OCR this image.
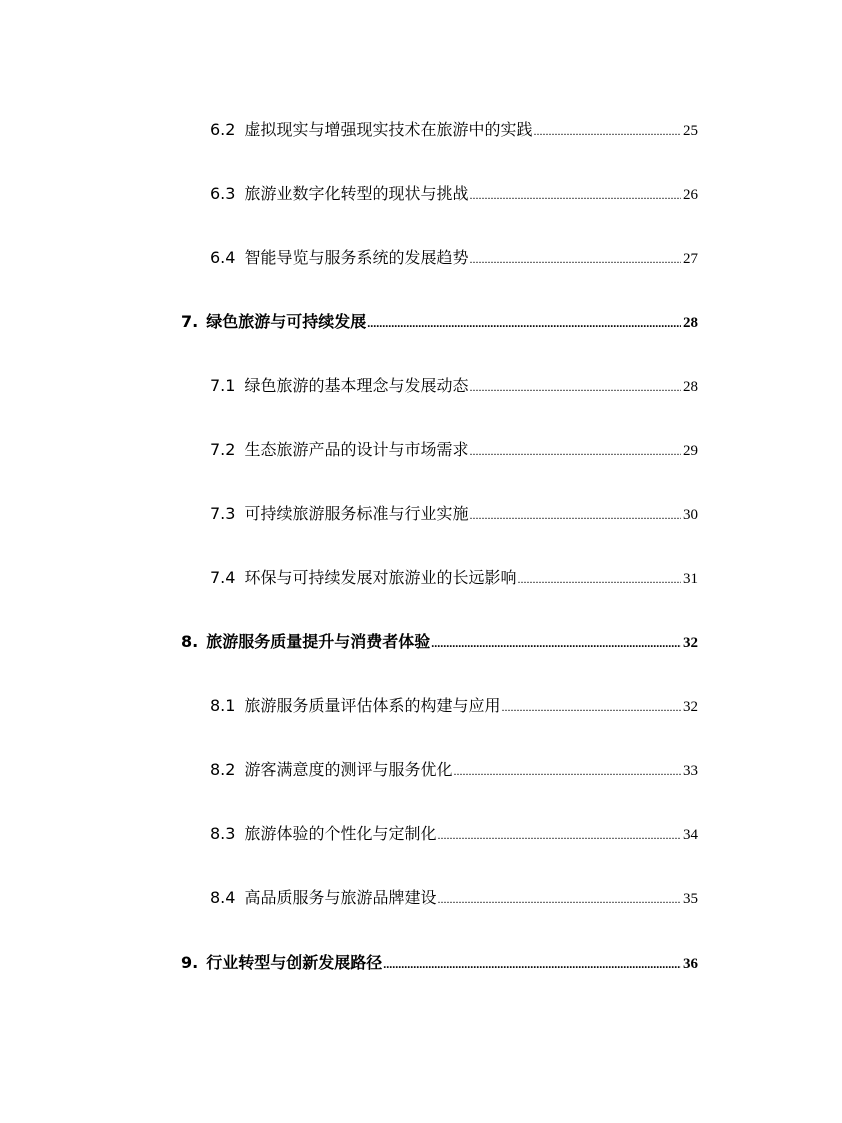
6.2 虚拟现实与增强现实技术在旅游中的实践 .....	25
6.3 旅游业数字化转型的现状与挑战 .....	26
6.4 智能导览与服务系统的发展趋势 .....	27
7. 绿色旅游与可持续发展 .....	28
7.1 绿色旅游的基本理念与发展动态 .....	28
7.2 生态旅游产品的设计与市场需求 .....	29
7.3 可持续旅游服务标准与行业实施 .....	30
7.4 环保与可持续发展对旅游业的长远影响 .....	31
8. 旅游服务质量提升与消费者体验 .....	32
8.1 旅游服务质量评估体系的构建与应用 .....	32
8.2 游客满意度的测评与服务优化 .....	33
8.3 旅游体验的个性化与定制化 .....	34
8.4 高品质服务与旅游品牌建设 .....	35
9. 行业转型与创新发展路径 .....	36
